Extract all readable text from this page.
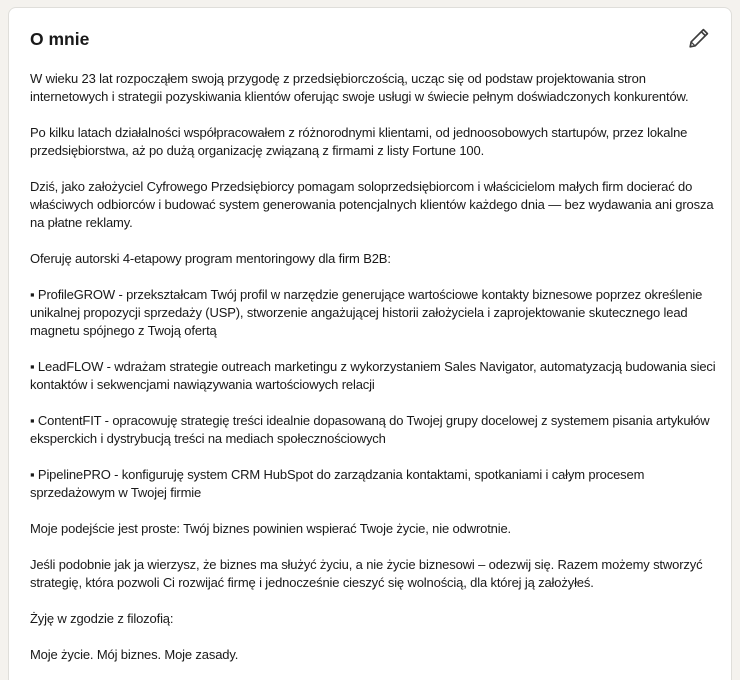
O mnie
W wieku 23 lat rozpocząłem swoją przygodę z przedsiębiorczością, ucząc się od podstaw projektowania stron
internetowych i strategii pozyskiwania klientów oferując swoje usługi w świecie pełnym doświadczonych konkurentów.
Po kilku latach działalności współpracowałem z różnorodnymi klientami, od jednoosobowych startupów, przez lokalne
przedsiębiorstwa, aż po dużą organizację związaną z firmami z listy Fortune 100.
Dziś, jako założyciel Cyfrowego Przedsiębiorcy pomagam soloprzedsiębiorcom i właścicielom małych firm docierać do
właściwych odbiorców i budować system generowania potencjalnych klientów każdego dnia — bez wydawania ani grosza
na płatne reklamy.
Oferuję autorski 4-etapowy program mentoringowy dla firm B2B:
▪ ProfileGROW - przekształcam Twój profil w narzędzie generujące wartościowe kontakty biznesowe poprzez określenie
unikalnej propozycji sprzedaży (USP), stworzenie angażującej historii założyciela i zaprojektowanie skutecznego lead
magnetu spójnego z Twoją ofertą
▪ LeadFLOW - wdrażam strategie outreach marketingu z wykorzystaniem Sales Navigator, automatyzacją budowania sieci
kontaktów i sekwencjami nawiązywania wartościowych relacji
▪ ContentFIT - opracowuję strategię treści idealnie dopasowaną do Twojej grupy docelowej z systemem pisania artykułów
eksperckich i dystrybucją treści na mediach społecznościowych
▪ PipelinePRO - konfiguruję system CRM HubSpot do zarządzania kontaktami, spotkaniami i całym procesem
sprzedażowym w Twojej firmie
Moje podejście jest proste: Twój biznes powinien wspierać Twoje życie, nie odwrotnie.
Jeśli podobnie jak ja wierzysz, że biznes ma służyć życiu, a nie życie biznesowi – odezwij się. Razem możemy stworzyć
strategię, która pozwoli Ci rozwijać firmę i jednocześnie cieszyć się wolnością, dla której ją założyłeś.
Żyję w zgodzie z filozofią:
Moje życie. Mój biznes. Moje zasady.
